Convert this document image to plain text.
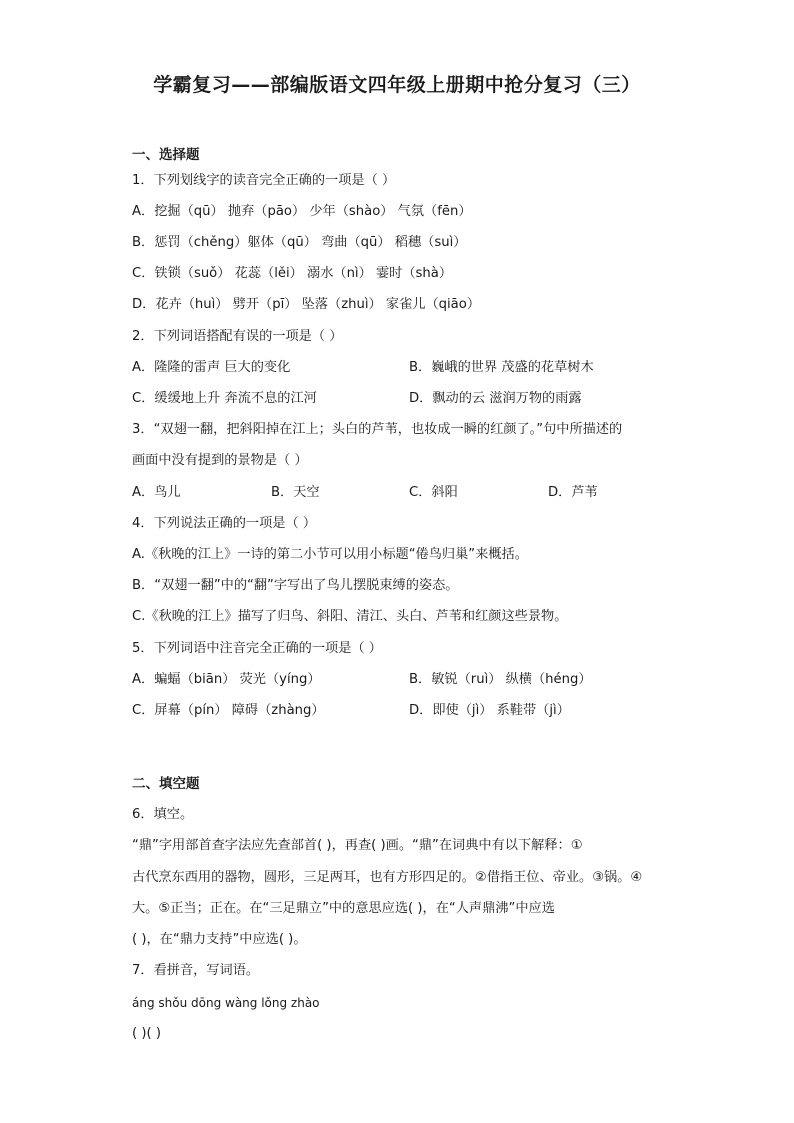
学霸复习——部编版语文四年级上册期中抢分复习（三）
一、选择题
1．下列划线字的读音完全正确的一项是（ ）
A．挖掘（qū） 抛弃（pāo） 少年（shào） 气氛（fēn）
B．惩罚（chěng）躯体（qū） 弯曲（qū） 稻穗（suì）
C．铁锁（suǒ） 花蕊（lěi） 溺水（nì） 霎时（shà）
D．花卉（huì） 劈开（pī） 坠落（zhuì） 家雀儿（qiāo）
2．下列词语搭配有误的一项是（ ）
A．隆隆的雷声 巨大的变化	B．巍峨的世界 茂盛的花草树木
C．缓缓地上升 奔流不息的江河	D．飘动的云 滋润万物的雨露
3．“双翅一翻，把斜阳掉在江上；头白的芦苇，也妆成一瞬的红颜了。”句中所描述的
画面中没有提到的景物是（ ）
A．鸟儿	B．天空	C．斜阳	D．芦苇
4．下列说法正确的一项是（ ）
A.《秋晚的江上》一诗的第二小节可以用小标题“倦鸟归巢”来概括。
B．“双翅一翻”中的“翻”字写出了鸟儿摆脱束缚的姿态。
C.《秋晚的江上》描写了归鸟、斜阳、清江、头白、芦苇和红颜这些景物。
5．下列词语中注音完全正确的一项是（ ）
A．蝙蝠（biān） 荧光（yíng）	B．敏锐（ruì） 纵横（héng）
C．屏幕（pín） 障碍（zhàng）	D．即使（jì） 系鞋带（jì）
二、填空题
6．填空。
“鼎”字用部首查字法应先查部首( )，再查( )画。“鼎”在词典中有以下解释：①
古代烹东西用的器物，圆形，三足两耳，也有方形四足的。②借指王位、帝业。③锅。④
大。⑤正当；正在。在“三足鼎立”中的意思应选( )，在“人声鼎沸”中应选
( )，在“鼎力支持”中应选( )。
7．看拼音，写词语。
áng shǒu dōng wàng lǒng zhào
( )( )
